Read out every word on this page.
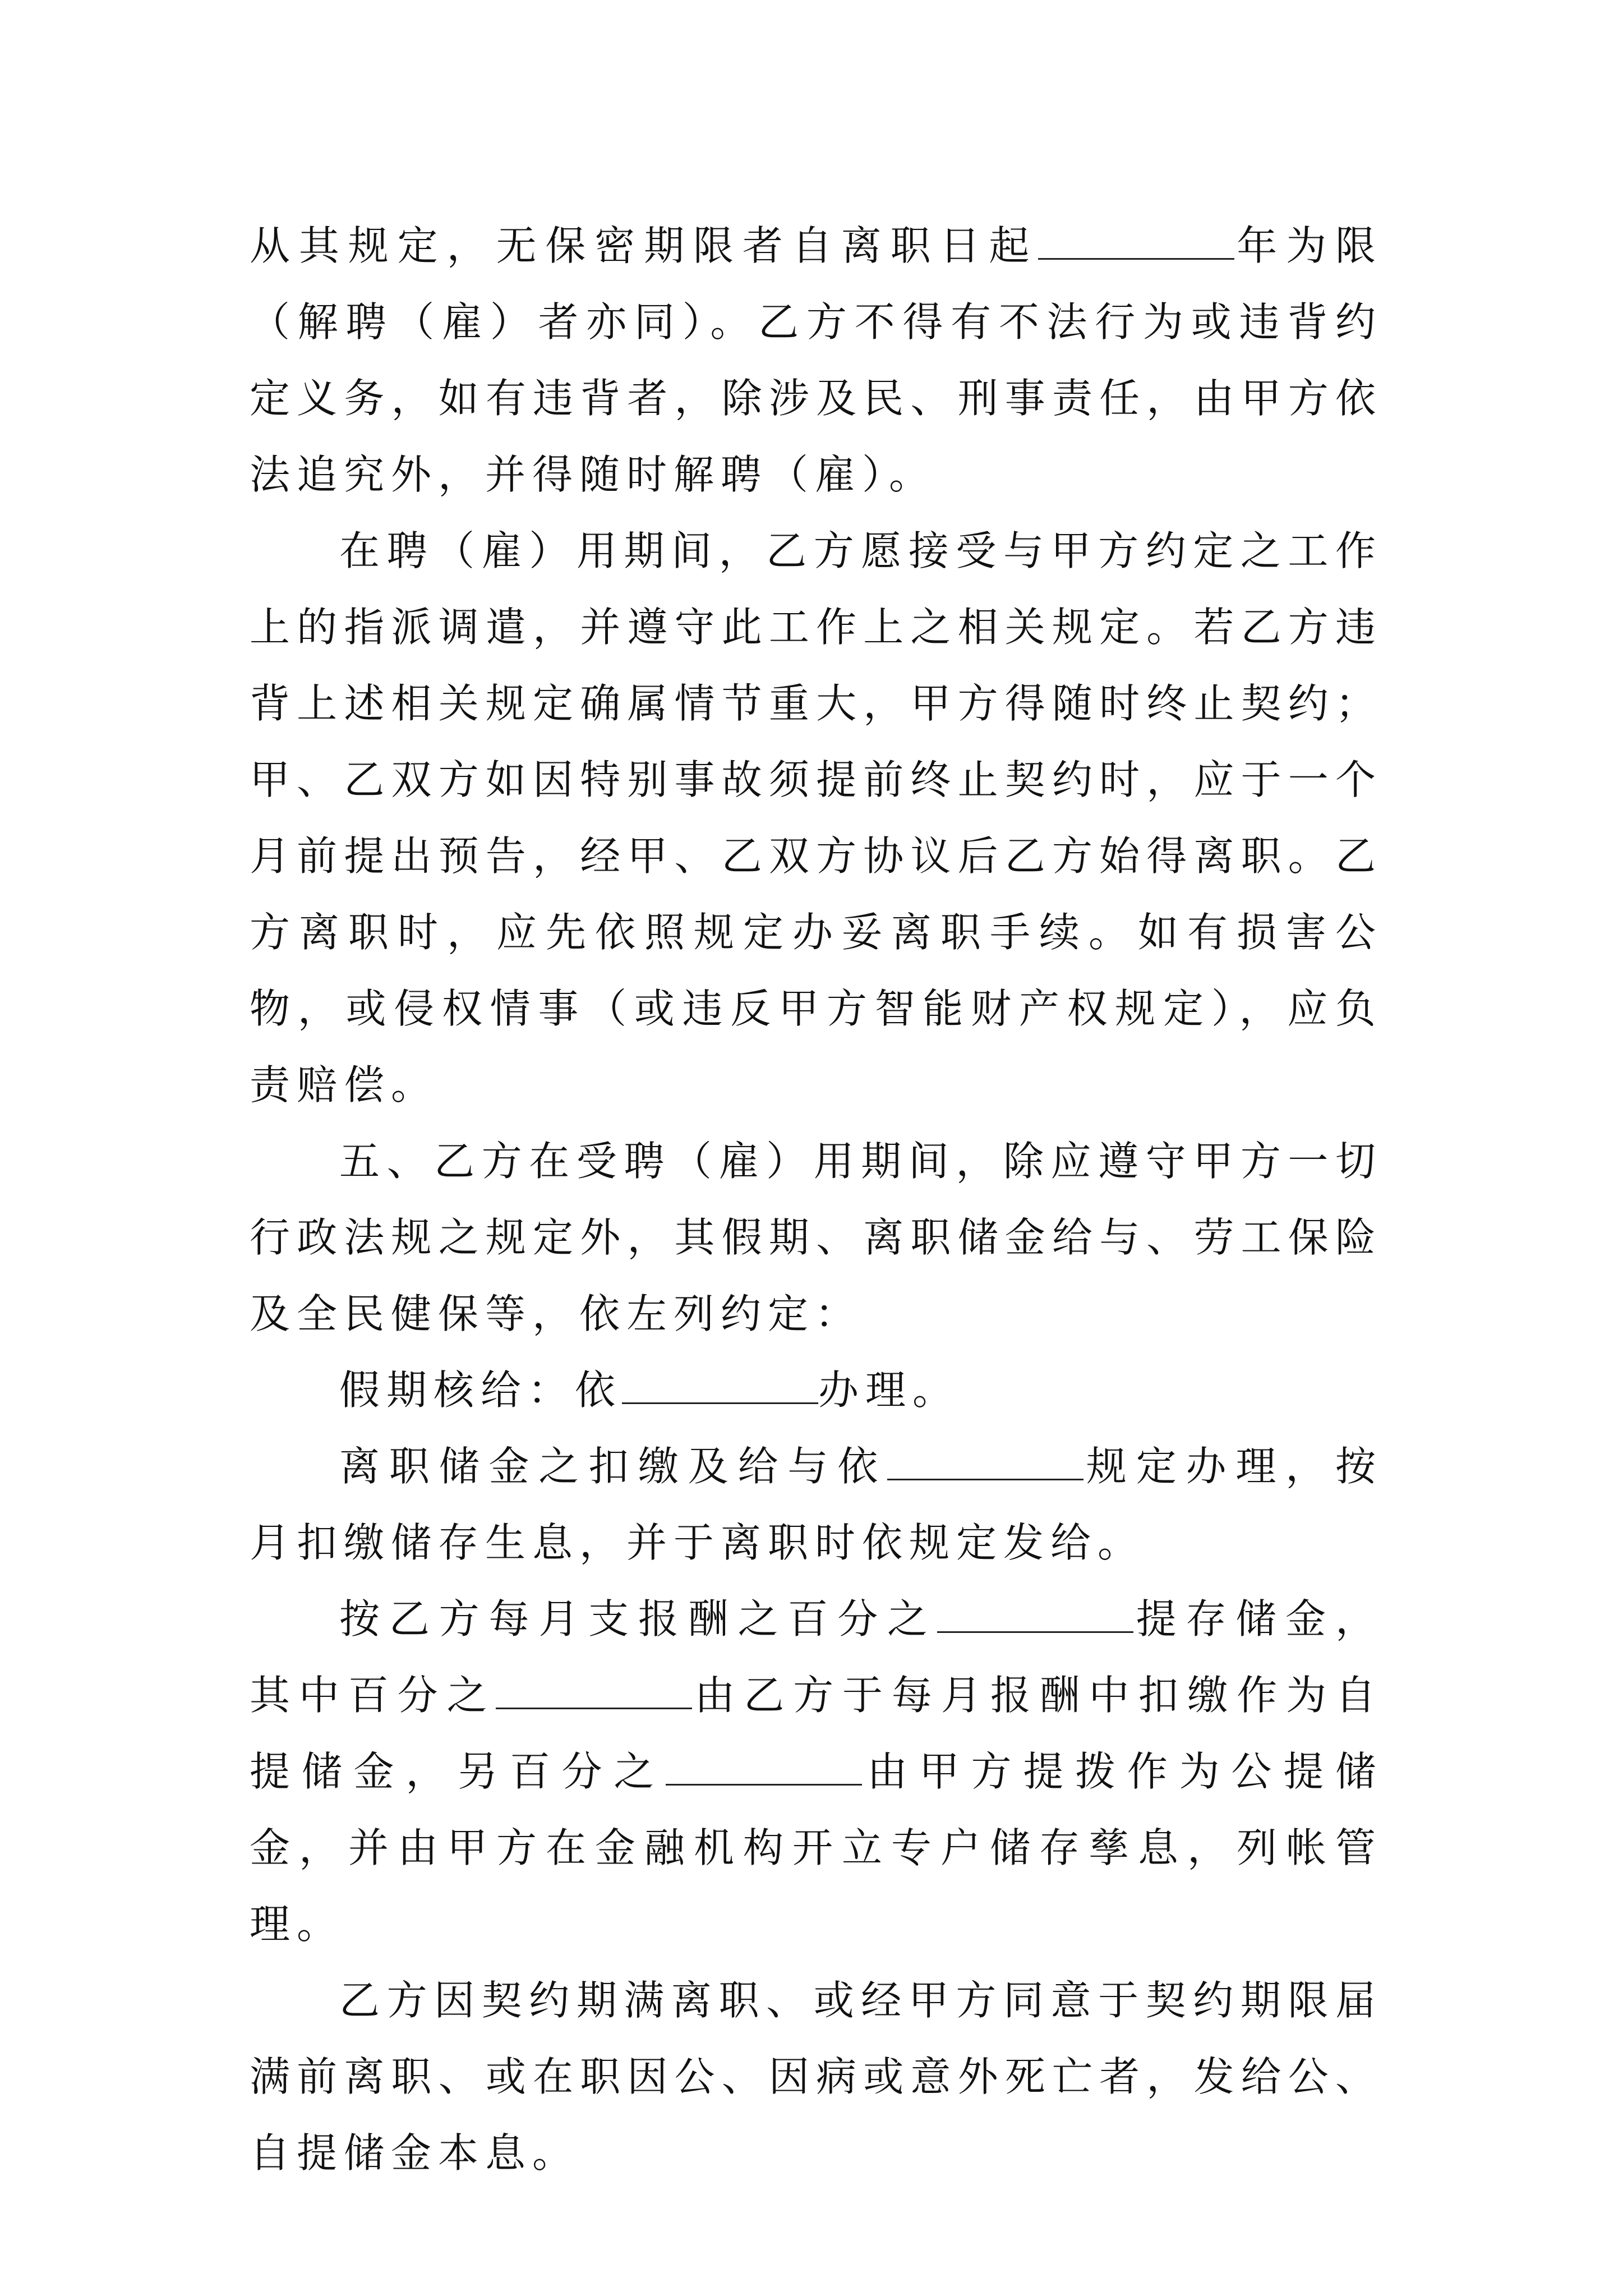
从其规定，无保密期限者自离职日起	年为限（解聘（雇）者亦同）。乙方不得有不法行为或违背约定义务，如有违背者，除涉及民、刑事责任，由甲方依法追究外，并得随时解聘（雇）。

在聘（雇）用期间，乙方愿接受与甲方约定之工作上的指派调遣，并遵守此工作上之相关规定。若乙方违背上述相关规定确属情节重大，甲方得随时终止契约；甲、乙双方如因特别事故须提前终止契约时，应于一个月前提出预告，经甲、乙双方协议后乙方始得离职。乙方离职时，应先依照规定办妥离职手续。如有损害公物，或侵权情事（或违反甲方智能财产权规定），应负责赔偿。

五、乙方在受聘（雇）用期间，除应遵守甲方一切行政法规之规定外，其假期、离职储金给与、劳工保险及全民健保等，依左列约定：

假期核给：依	办理。

离职储金之扣缴及给与依	规定办理，按月扣缴储存生息，并于离职时依规定发给。

按乙方每月支报酬之百分之	提存储金，其中百分之	由乙方于每月报酬中扣缴作为自提储金，另百分之	由甲方提拨作为公提储金，并由甲方在金融机构开立专户储存孳息，列帐管理。

乙方因契约期满离职、或经甲方同意于契约期限届满前离职、或在职因公、因病或意外死亡者，发给公、自提储金本息。
